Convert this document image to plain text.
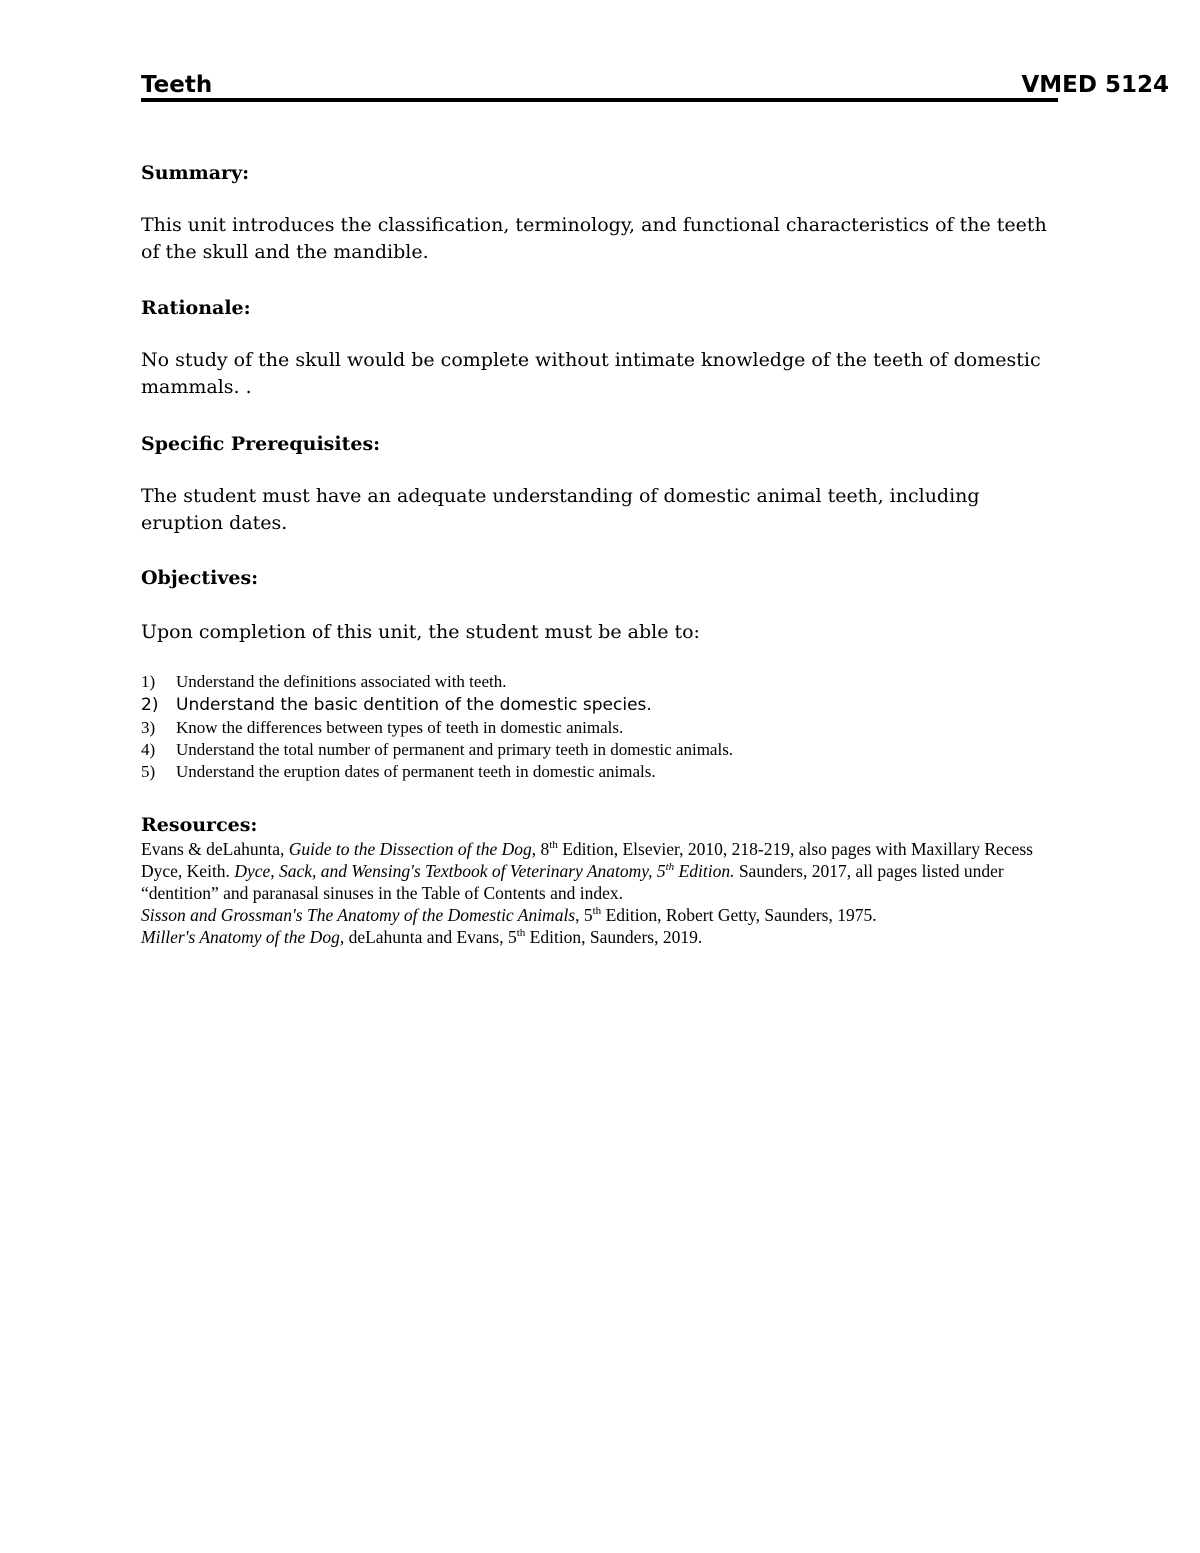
Teeth	VMED 5124
Summary:

This unit introduces the classification, terminology, and functional characteristics of the teeth of the skull and the mandible.

Rationale:

No study of the skull would be complete without intimate knowledge of the teeth of domestic mammals. .

Specific Prerequisites:

The student must have an adequate understanding of domestic animal teeth, including eruption dates.

Objectives:

Upon completion of this unit, the student must be able to:

1) Understand the definitions associated with teeth.
2) Understand the basic dentition of the domestic species.
3) Know the differences between types of teeth in domestic animals.
4) Understand the total number of permanent and primary teeth in domestic animals.
5) Understand the eruption dates of permanent teeth in domestic animals.
Resources:

Evans & deLahunta, Guide to the Dissection of the Dog, 8th Edition, Elsevier, 2010, 218-219, also pages with Maxillary Recess

Dyce, Keith. Dyce, Sack, and Wensing's Textbook of Veterinary Anatomy, 5th Edition. Saunders, 2017, all pages listed under “dentition” and paranasal sinuses in the Table of Contents and index.

Sisson and Grossman's The Anatomy of the Domestic Animals, 5th Edition, Robert Getty, Saunders, 1975.

Miller's Anatomy of the Dog, deLahunta and Evans, 5th Edition, Saunders, 2019.
